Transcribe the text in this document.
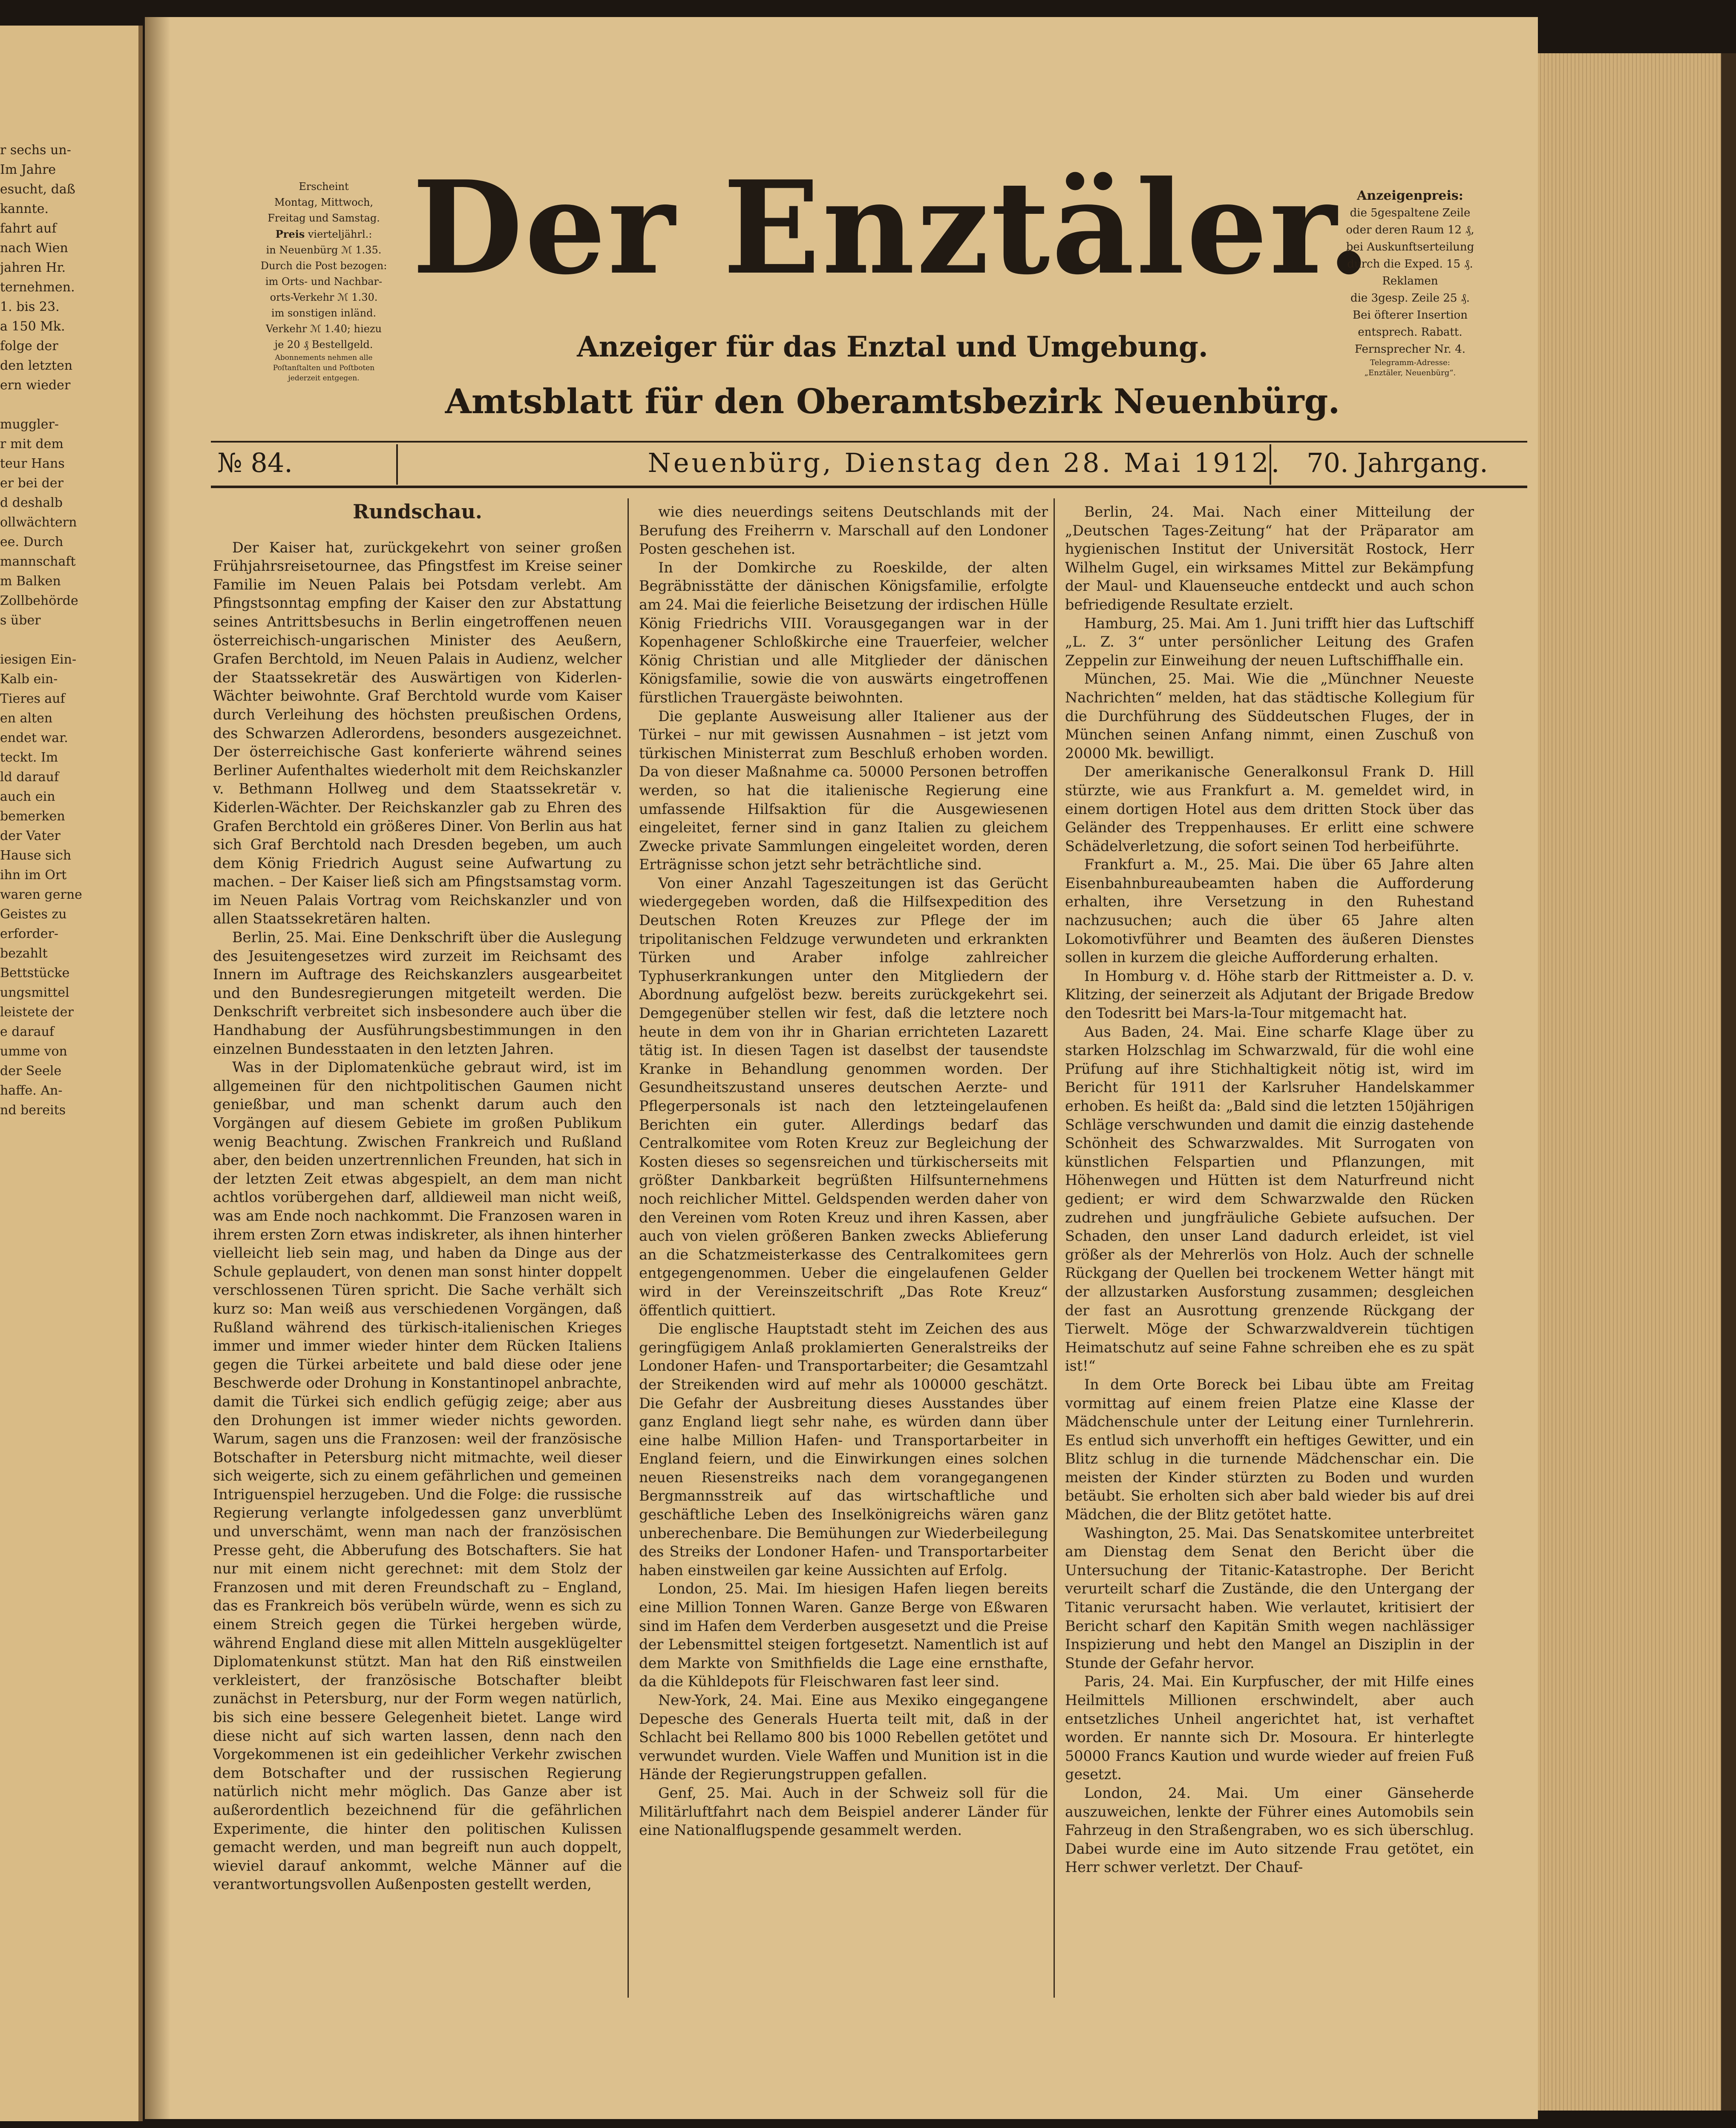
r sechs un-
Im Jahre
esucht, daß
kannte.
fahrt auf
nach Wien
jahren Hr.
ternehmen.
1. bis 23.
a 150 Mk.
folge der
den letzten
ern wieder

muggler-
r mit dem
teur Hans
er bei der
d deshalb
ollwächtern
ee. Durch
mannschaft
m Balken
Zollbehörde
s über

iesigen Ein-
Kalb ein-
Tieres auf
en alten
endet war.
teckt. Im
ld darauf
auch ein
bemerken
der Vater
Hause sich
ihn im Ort
waren gerne
Geistes zu
erforder-
bezahlt
Bettstücke
ungsmittel
leistete der
e darauf
umme von
der Seele
haffe. An-
nd bereits
Erscheint
Montag, Mittwoch,
Freitag und Samstag.
Preis vierteljährl.:
in Neuenbürg ℳ 1.35.
Durch die Post bezogen:
im Orts- und Nachbar-
orts-Verkehr ℳ 1.30.
im sonstigen inländ.
Verkehr ℳ 1.40; hiezu
je 20 ₰ Bestellgeld.
Abonnements nehmen alle
Poſtanſtalten und Poſtboten
jederzeit entgegen.
Der Enztäler.
Anzeiger für das Enztal und Umgebung.
Amtsblatt für den Oberamtsbezirk Neuenbürg.
Anzeigenpreis:
die 5gespaltene Zeile
oder deren Raum 12 ₰,
bei Auskunftserteilung
durch die Exped. 15 ₰.
Reklamen
die 3gesp. Zeile 25 ₰.
Bei öfterer Insertion
entsprech. Rabatt.
Fernsprecher Nr. 4.
Telegramm-Adresse:
„Enztäler, Neuenbürg“.
№ 84.	Neuenbürg, Dienstag den 28. Mai 1912. 70. Jahrgang.
Rundschau.

Der Kaiser hat, zurückgekehrt von seiner großen Frühjahrsreisetournee, das Pfingstfest im Kreise seiner Familie im Neuen Palais bei Potsdam verlebt. Am Pfingstsonntag empfing der Kaiser den zur Abstattung seines Antrittsbesuchs in Berlin eingetroffenen neuen österreichisch-ungarischen Minister des Aeußern, Grafen Berchtold, im Neuen Palais in Audienz, welcher der Staatssekretär des Auswärtigen von Kiderlen-Wächter beiwohnte. Graf Berchtold wurde vom Kaiser durch Verleihung des höchsten preußischen Ordens, des Schwarzen Adlerordens, besonders ausgezeichnet. Der österreichische Gast konferierte während seines Berliner Aufenthaltes wiederholt mit dem Reichskanzler v. Bethmann Hollweg und dem Staatssekretär v. Kiderlen-Wächter. Der Reichskanzler gab zu Ehren des Grafen Berchtold ein größeres Diner. Von Berlin aus hat sich Graf Berchtold nach Dresden begeben, um auch dem König Friedrich August seine Aufwartung zu machen. – Der Kaiser ließ sich am Pfingstsamstag vorm. im Neuen Palais Vortrag vom Reichskanzler und von allen Staatssekretären halten.

Berlin, 25. Mai. Eine Denkschrift über die Auslegung des Jesuitengesetzes wird zurzeit im Reichsamt des Innern im Auftrage des Reichskanzlers ausgearbeitet und den Bundesregierungen mitgeteilt werden. Die Denkschrift verbreitet sich insbesondere auch über die Handhabung der Ausführungsbestimmungen in den einzelnen Bundesstaaten in den letzten Jahren.

Was in der Diplomatenküche gebraut wird, ist im allgemeinen für den nichtpolitischen Gaumen nicht genießbar, und man schenkt darum auch den Vorgängen auf diesem Gebiete im großen Publikum wenig Beachtung. Zwischen Frankreich und Rußland aber, den beiden unzertrennlichen Freunden, hat sich in der letzten Zeit etwas abgespielt, an dem man nicht achtlos vorübergehen darf, alldieweil man nicht weiß, was am Ende noch nachkommt. Die Franzosen waren in ihrem ersten Zorn etwas indiskreter, als ihnen hinterher vielleicht lieb sein mag, und haben da Dinge aus der Schule geplaudert, von denen man sonst hinter doppelt verschlossenen Türen spricht. Die Sache verhält sich kurz so: Man weiß aus verschiedenen Vorgängen, daß Rußland während des türkisch-italienischen Krieges immer und immer wieder hinter dem Rücken Italiens gegen die Türkei arbeitete und bald diese oder jene Beschwerde oder Drohung in Konstantinopel anbrachte, damit die Türkei sich endlich gefügig zeige; aber aus den Drohungen ist immer wieder nichts geworden. Warum, sagen uns die Franzosen: weil der französische Botschafter in Petersburg nicht mitmachte, weil dieser sich weigerte, sich zu einem gefährlichen und gemeinen Intriguenspiel herzugeben. Und die Folge: die russische Regierung verlangte infolgedessen ganz unverblümt und unverschämt, wenn man nach der französischen Presse geht, die Abberufung des Botschafters. Sie hat nur mit einem nicht gerechnet: mit dem Stolz der Franzosen und mit deren Freundschaft zu – England, das es Frankreich bös verübeln würde, wenn es sich zu einem Streich gegen die Türkei hergeben würde, während England diese mit allen Mitteln ausgeklügelter Diplomatenkunst stützt. Man hat den Riß einstweilen verkleistert, der französische Botschafter bleibt zunächst in Petersburg, nur der Form wegen natürlich, bis sich eine bessere Gelegenheit bietet. Lange wird diese nicht auf sich warten lassen, denn nach den Vorgekommenen ist ein gedeihlicher Verkehr zwischen dem Botschafter und der russischen Regierung natürlich nicht mehr möglich. Das Ganze aber ist außerordentlich bezeichnend für die gefährlichen Experimente, die hinter den politischen Kulissen gemacht werden, und man begreift nun auch doppelt, wieviel darauf ankommt, welche Männer auf die verantwortungsvollen Außenposten gestellt werden,

wie dies neuerdings seitens Deutschlands mit der Berufung des Freiherrn v. Marschall auf den Londoner Posten geschehen ist.

In der Domkirche zu Roeskilde, der alten Begräbnisstätte der dänischen Königsfamilie, erfolgte am 24. Mai die feierliche Beisetzung der irdischen Hülle König Friedrichs VIII. Vorausgegangen war in der Kopenhagener Schloßkirche eine Trauerfeier, welcher König Christian und alle Mitglieder der dänischen Königsfamilie, sowie die von auswärts eingetroffenen fürstlichen Trauergäste beiwohnten.

Die geplante Ausweisung aller Italiener aus der Türkei – nur mit gewissen Ausnahmen – ist jetzt vom türkischen Ministerrat zum Beschluß erhoben worden. Da von dieser Maßnahme ca. 50000 Personen betroffen werden, so hat die italienische Regierung eine umfassende Hilfsaktion für die Ausgewiesenen eingeleitet, ferner sind in ganz Italien zu gleichem Zwecke private Sammlungen eingeleitet worden, deren Erträgnisse schon jetzt sehr beträchtliche sind.

Von einer Anzahl Tageszeitungen ist das Gerücht wiedergegeben worden, daß die Hilfsexpedition des Deutschen Roten Kreuzes zur Pflege der im tripolitanischen Feldzuge verwundeten und erkrankten Türken und Araber infolge zahlreicher Typhuserkrankungen unter den Mitgliedern der Abordnung aufgelöst bezw. bereits zurückgekehrt sei. Demgegenüber stellen wir fest, daß die letztere noch heute in dem von ihr in Gharian errichteten Lazarett tätig ist. In diesen Tagen ist daselbst der tausendste Kranke in Behandlung genommen worden. Der Gesundheitszustand unseres deutschen Aerzte- und Pflegerpersonals ist nach den letzteingelaufenen Berichten ein guter. Allerdings bedarf das Centralkomitee vom Roten Kreuz zur Begleichung der Kosten dieses so segensreichen und türkischerseits mit größter Dankbarkeit begrüßten Hilfsunternehmens noch reichlicher Mittel. Geldspenden werden daher von den Vereinen vom Roten Kreuz und ihren Kassen, aber auch von vielen größeren Banken zwecks Ablieferung an die Schatzmeisterkasse des Centralkomitees gern entgegengenommen. Ueber die eingelaufenen Gelder wird in der Vereinszeitschrift „Das Rote Kreuz“ öffentlich quittiert.

Die englische Hauptstadt steht im Zeichen des aus geringfügigem Anlaß proklamierten Generalstreiks der Londoner Hafen- und Transportarbeiter; die Gesamtzahl der Streikenden wird auf mehr als 100000 geschätzt. Die Gefahr der Ausbreitung dieses Ausstandes über ganz England liegt sehr nahe, es würden dann über eine halbe Million Hafen- und Transportarbeiter in England feiern, und die Einwirkungen eines solchen neuen Riesenstreiks nach dem vorangegangenen Bergmannsstreik auf das wirtschaftliche und geschäftliche Leben des Inselkönigreichs wären ganz unberechenbare. Die Bemühungen zur Wiederbeilegung des Streiks der Londoner Hafen- und Transportarbeiter haben einstweilen gar keine Aussichten auf Erfolg.

London, 25. Mai. Im hiesigen Hafen liegen bereits eine Million Tonnen Waren. Ganze Berge von Eßwaren sind im Hafen dem Verderben ausgesetzt und die Preise der Lebensmittel steigen fortgesetzt. Namentlich ist auf dem Markte von Smithfields die Lage eine ernsthafte, da die Kühldepots für Fleischwaren fast leer sind.

New-York, 24. Mai. Eine aus Mexiko eingegangene Depesche des Generals Huerta teilt mit, daß in der Schlacht bei Rellamo 800 bis 1000 Rebellen getötet und verwundet wurden. Viele Waffen und Munition ist in die Hände der Regierungstruppen gefallen.

Genf, 25. Mai. Auch in der Schweiz soll für die Militärluftfahrt nach dem Beispiel anderer Länder für eine Nationalflugspende gesammelt werden.

Berlin, 24. Mai. Nach einer Mitteilung der „Deutschen Tages-Zeitung“ hat der Präparator am hygienischen Institut der Universität Rostock, Herr Wilhelm Gugel, ein wirksames Mittel zur Bekämpfung der Maul- und Klauenseuche entdeckt und auch schon befriedigende Resultate erzielt.

Hamburg, 25. Mai. Am 1. Juni trifft hier das Luftschiff „L. Z. 3“ unter persönlicher Leitung des Grafen Zeppelin zur Einweihung der neuen Luftschiffhalle ein.

München, 25. Mai. Wie die „Münchner Neueste Nachrichten“ melden, hat das städtische Kollegium für die Durchführung des Süddeutschen Fluges, der in München seinen Anfang nimmt, einen Zuschuß von 20000 Mk. bewilligt.

Der amerikanische Generalkonsul Frank D. Hill stürzte, wie aus Frankfurt a. M. gemeldet wird, in einem dortigen Hotel aus dem dritten Stock über das Geländer des Treppenhauses. Er erlitt eine schwere Schädelverletzung, die sofort seinen Tod herbeiführte.

Frankfurt a. M., 25. Mai. Die über 65 Jahre alten Eisenbahnbureaubeamten haben die Aufforderung erhalten, ihre Versetzung in den Ruhestand nachzusuchen; auch die über 65 Jahre alten Lokomotivführer und Beamten des äußeren Dienstes sollen in kurzem die gleiche Aufforderung erhalten.

In Homburg v. d. Höhe starb der Rittmeister a. D. v. Klitzing, der seinerzeit als Adjutant der Brigade Bredow den Todesritt bei Mars-la-Tour mitgemacht hat.

Aus Baden, 24. Mai. Eine scharfe Klage über zu starken Holzschlag im Schwarzwald, für die wohl eine Prüfung auf ihre Stichhaltigkeit nötig ist, wird im Bericht für 1911 der Karlsruher Handelskammer erhoben. Es heißt da: „Bald sind die letzten 150jährigen Schläge verschwunden und damit die einzig dastehende Schönheit des Schwarzwaldes. Mit Surrogaten von künstlichen Felspartien und Pflanzungen, mit Höhenwegen und Hütten ist dem Naturfreund nicht gedient; er wird dem Schwarzwalde den Rücken zudrehen und jungfräuliche Gebiete aufsuchen. Der Schaden, den unser Land dadurch erleidet, ist viel größer als der Mehrerlös von Holz. Auch der schnelle Rückgang der Quellen bei trockenem Wetter hängt mit der allzustarken Ausforstung zusammen; desgleichen der fast an Ausrottung grenzende Rückgang der Tierwelt. Möge der Schwarzwaldverein tüchtigen Heimatschutz auf seine Fahne schreiben ehe es zu spät ist!“

In dem Orte Boreck bei Libau übte am Freitag vormittag auf einem freien Platze eine Klasse der Mädchenschule unter der Leitung einer Turnlehrerin. Es entlud sich unverhofft ein heftiges Gewitter, und ein Blitz schlug in die turnende Mädchenschar ein. Die meisten der Kinder stürzten zu Boden und wurden betäubt. Sie erholten sich aber bald wieder bis auf drei Mädchen, die der Blitz getötet hatte.

Washington, 25. Mai. Das Senatskomitee unterbreitet am Dienstag dem Senat den Bericht über die Untersuchung der Titanic-Katastrophe. Der Bericht verurteilt scharf die Zustände, die den Untergang der Titanic verursacht haben. Wie verlautet, kritisiert der Bericht scharf den Kapitän Smith wegen nachlässiger Inspizierung und hebt den Mangel an Disziplin in der Stunde der Gefahr hervor.

Paris, 24. Mai. Ein Kurpfuscher, der mit Hilfe eines Heilmittels Millionen erschwindelt, aber auch entsetzliches Unheil angerichtet hat, ist verhaftet worden. Er nannte sich Dr. Mosoura. Er hinterlegte 50000 Francs Kaution und wurde wieder auf freien Fuß gesetzt.

London, 24. Mai. Um einer Gänseherde auszuweichen, lenkte der Führer eines Automobils sein Fahrzeug in den Straßengraben, wo es sich überschlug. Dabei wurde eine im Auto sitzende Frau getötet, ein Herr schwer verletzt. Der Chauf-
